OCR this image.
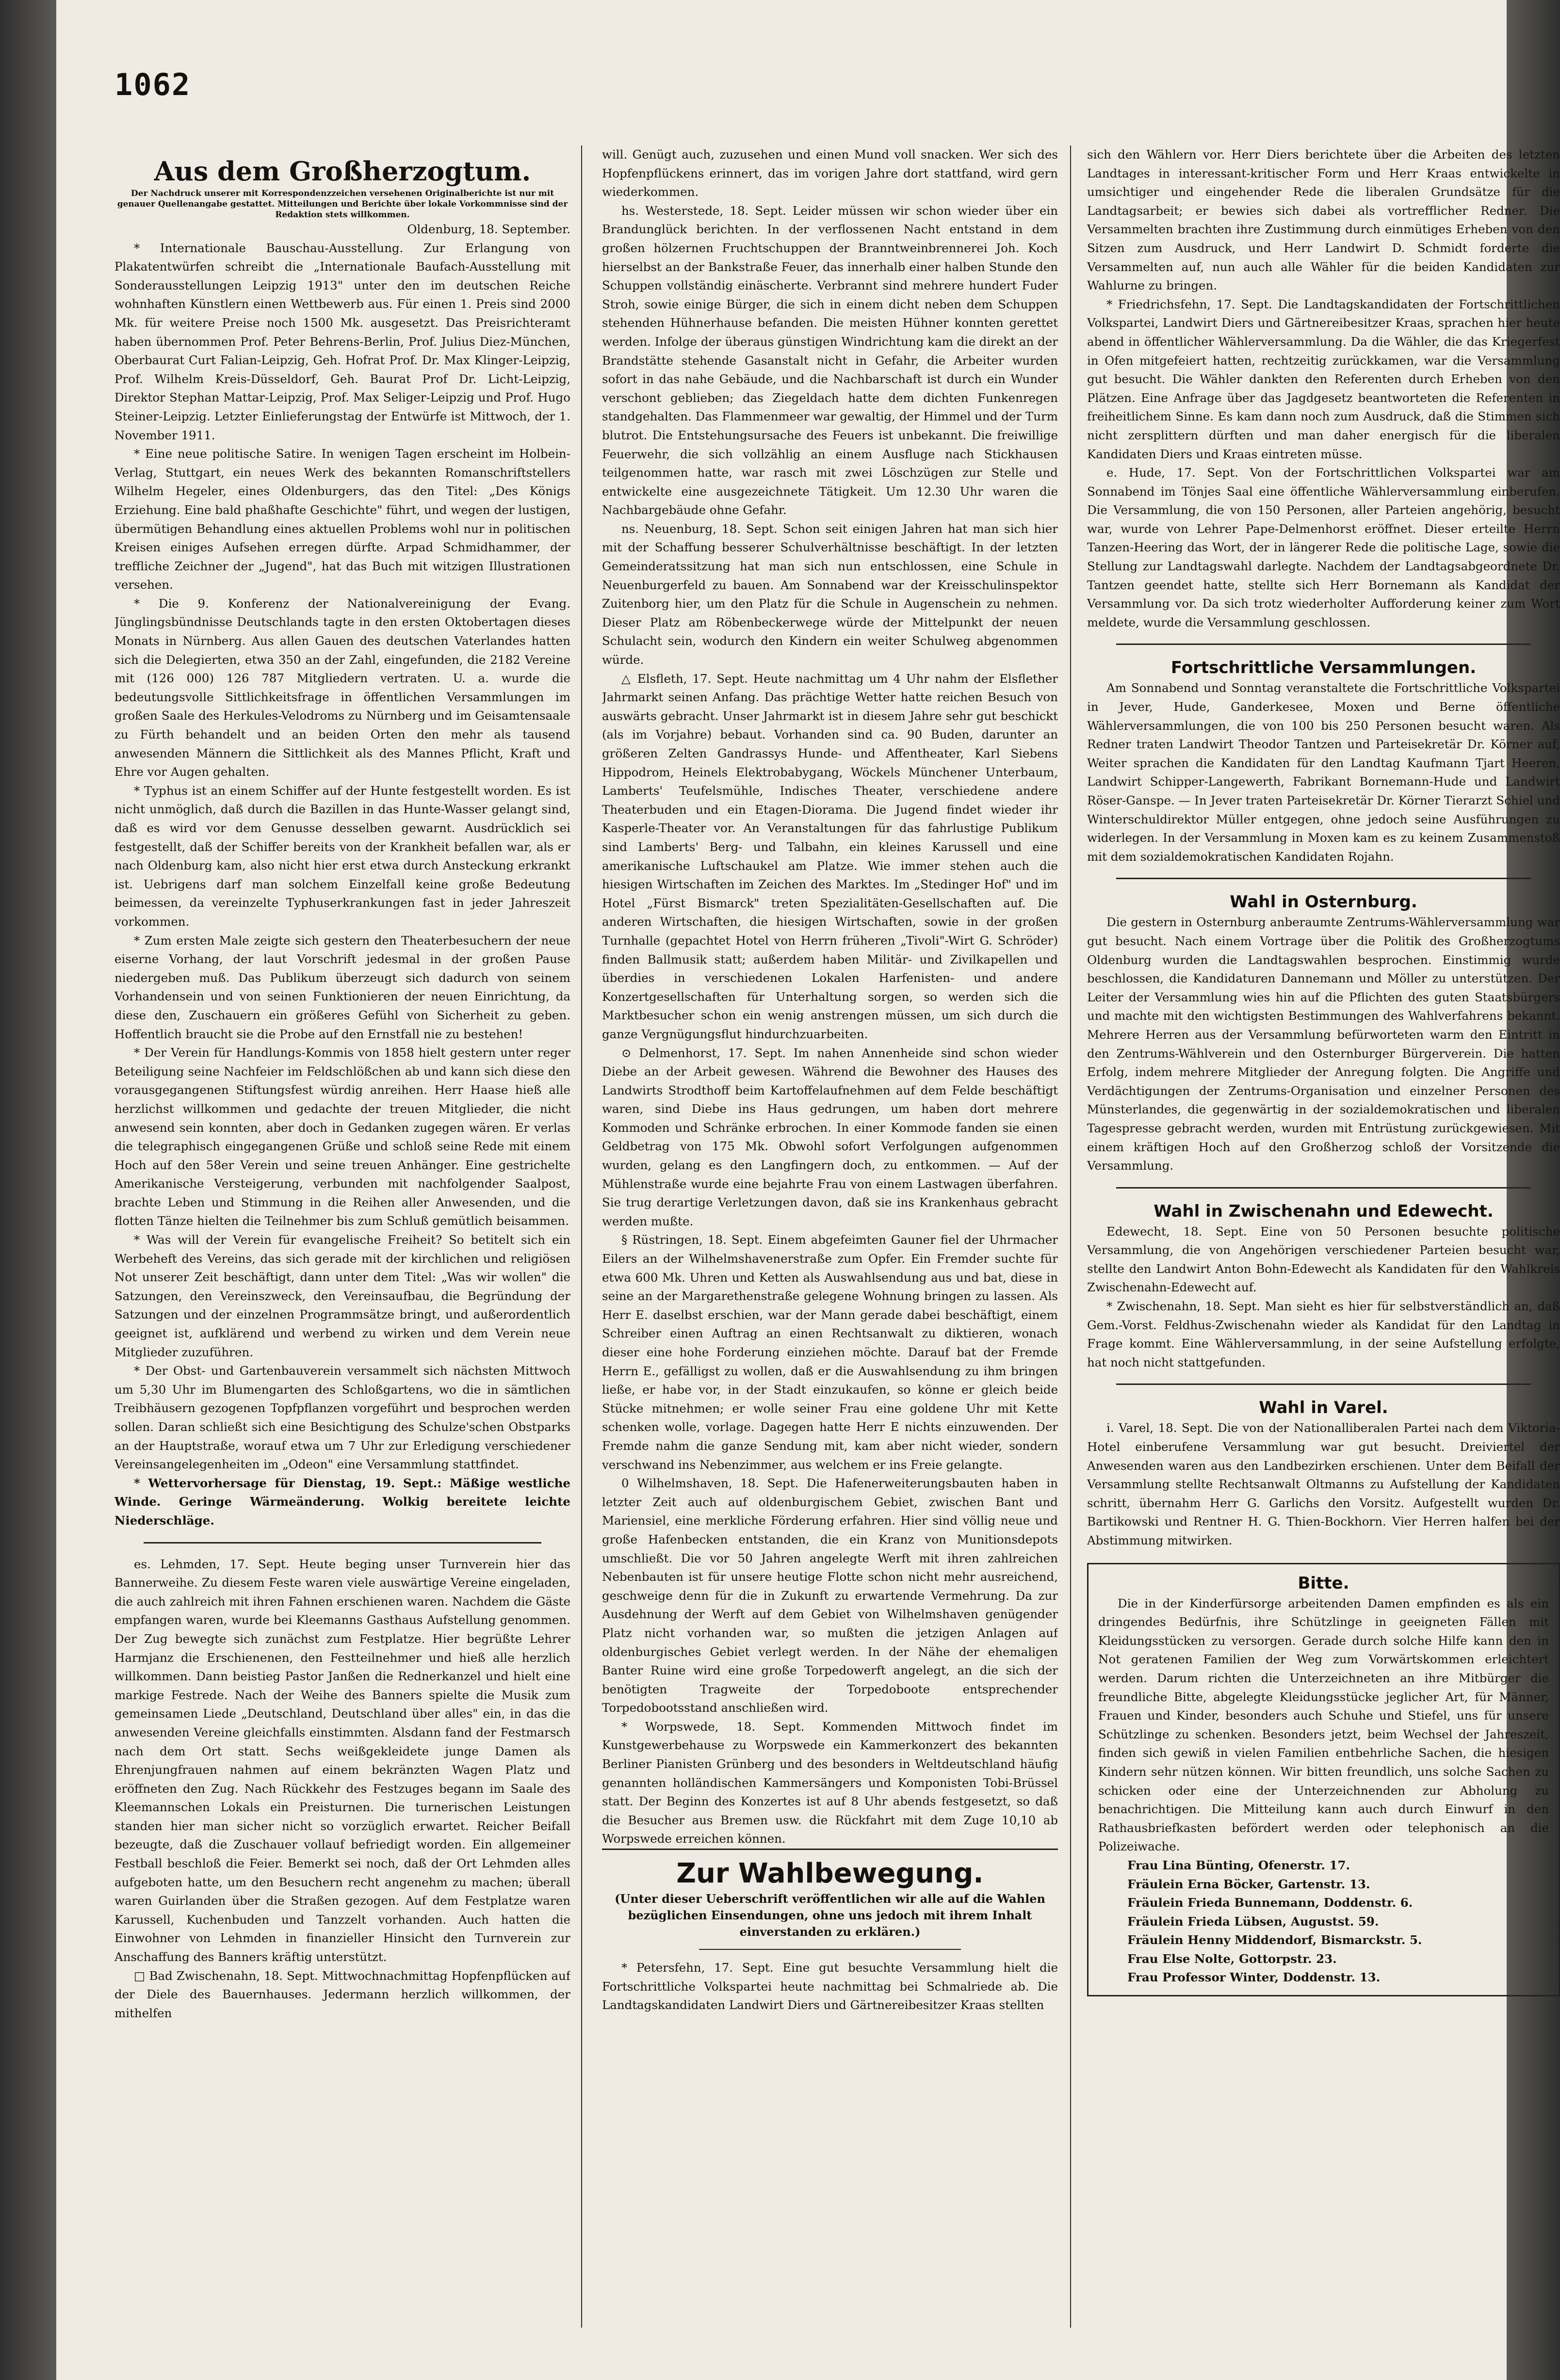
1062

Aus dem Großherzogtum.

Der Nachdruck unserer mit Korrespondenzzeichen versehenen Originalberichte ist nur mit genauer Quellenangabe gestattet. Mitteilungen und Berichte über lokale Vorkommnisse sind der Redaktion stets willkommen.

Oldenburg, 18. September.

* Internationale Bauschau-Ausstellung. Zur Erlangung von Plakatentwürfen schreibt die „Internationale Baufach-Ausstellung mit Sonderausstellungen Leipzig 1913" unter den im deutschen Reiche wohnhaften Künstlern einen Wettbewerb aus. Für einen 1. Preis sind 2000 Mk. für weitere Preise noch 1500 Mk. ausgesetzt. Das Preisrichteramt haben übernommen Prof. Peter Behrens-Berlin, Prof. Julius Diez-München, Oberbaurat Curt Falian-Leipzig, Geh. Hofrat Prof. Dr. Max Klinger-Leipzig, Prof. Wilhelm Kreis-Düsseldorf, Geh. Baurat Prof Dr. Licht-Leipzig, Direktor Stephan Mattar-Leipzig, Prof. Max Seliger-Leipzig und Prof. Hugo Steiner-Leipzig. Letzter Einlieferungstag der Entwürfe ist Mittwoch, der 1. November 1911.

* Eine neue politische Satire. In wenigen Tagen erscheint im Holbein-Verlag, Stuttgart, ein neues Werk des bekannten Romanschriftstellers Wilhelm Hegeler, eines Oldenburgers, das den Titel: „Des Königs Erziehung. Eine bald phaßhafte Geschichte" führt, und wegen der lustigen, übermütigen Behandlung eines aktuellen Problems wohl nur in politischen Kreisen einiges Aufsehen erregen dürfte. Arpad Schmidhammer, der treffliche Zeichner der „Jugend", hat das Buch mit witzigen Illustrationen versehen.

* Die 9. Konferenz der Nationalvereinigung der Evang. Jünglingsbündnisse Deutschlands tagte in den ersten Oktobertagen dieses Monats in Nürnberg. Aus allen Gauen des deutschen Vaterlandes hatten sich die Delegierten, etwa 350 an der Zahl, eingefunden, die 2182 Vereine mit (126 000) 126 787 Mitgliedern vertraten. U. a. wurde die bedeutungsvolle Sittlichkeitsfrage in öffentlichen Versammlungen im großen Saale des Herkules-Velodroms zu Nürnberg und im Geisamtensaale zu Fürth behandelt und an beiden Orten den mehr als tausend anwesenden Männern die Sittlichkeit als des Mannes Pflicht, Kraft und Ehre vor Augen gehalten.

* Typhus ist an einem Schiffer auf der Hunte festgestellt worden. Es ist nicht unmöglich, daß durch die Bazillen in das Hunte-Wasser gelangt sind, daß es wird vor dem Genusse desselben gewarnt. Ausdrücklich sei festgestellt, daß der Schiffer bereits von der Krankheit befallen war, als er nach Oldenburg kam, also nicht hier erst etwa durch Ansteckung erkrankt ist. Uebrigens darf man solchem Einzelfall keine große Bedeutung beimessen, da vereinzelte Typhuserkrankungen fast in jeder Jahreszeit vorkommen.

* Zum ersten Male zeigte sich gestern den Theaterbesuchern der neue eiserne Vorhang, der laut Vorschrift jedesmal in der großen Pause niedergeben muß. Das Publikum überzeugt sich dadurch von seinem Vorhandensein und von seinen Funktionieren der neuen Einrichtung, da diese den, Zuschauern ein größeres Gefühl von Sicherheit zu geben. Hoffentlich braucht sie die Probe auf den Ernstfall nie zu bestehen!

* Der Verein für Handlungs-Kommis von 1858 hielt gestern unter reger Beteiligung seine Nachfeier im Feldschlößchen ab und kann sich diese den vorausgegangenen Stiftungsfest würdig anreihen. Herr Haase hieß alle herzlichst willkommen und gedachte der treuen Mitglieder, die nicht anwesend sein konnten, aber doch in Gedanken zugegen wären. Er verlas die telegraphisch eingegangenen Grüße und schloß seine Rede mit einem Hoch auf den 58er Verein und seine treuen Anhänger. Eine gestrichelte Amerikanische Versteigerung, verbunden mit nachfolgender Saalpost, brachte Leben und Stimmung in die Reihen aller Anwesenden, und die flotten Tänze hielten die Teilnehmer bis zum Schluß gemütlich beisammen.

* Was will der Verein für evangelische Freiheit? So betitelt sich ein Werbeheft des Vereins, das sich gerade mit der kirchlichen und religiösen Not unserer Zeit beschäftigt, dann unter dem Titel: „Was wir wollen" die Satzungen, den Vereinszweck, den Vereinsaufbau, die Begründung der Satzungen und der einzelnen Programmsätze bringt, und außerordentlich geeignet ist, aufklärend und werbend zu wirken und dem Verein neue Mitglieder zuzuführen.

* Der Obst- und Gartenbauverein versammelt sich nächsten Mittwoch um 5,30 Uhr im Blumengarten des Schloßgartens, wo die in sämtlichen Treibhäusern gezogenen Topfpflanzen vorgeführt und besprochen werden sollen. Daran schließt sich eine Besichtigung des Schulze'schen Obstparks an der Hauptstraße, worauf etwa um 7 Uhr zur Erledigung verschiedener Vereinsangelegenheiten im „Odeon" eine Versammlung stattfindet.

* Wettervorhersage für Dienstag, 19. Sept.: Mäßige westliche Winde. Geringe Wärmeänderung. Wolkig bereitete leichte Niederschläge.

es. Lehmden, 17. Sept. Heute beging unser Turnverein hier das Bannerweihe. Zu diesem Feste waren viele auswärtige Vereine eingeladen, die auch zahlreich mit ihren Fahnen erschienen waren. Nachdem die Gäste empfangen waren, wurde bei Kleemanns Gasthaus Aufstellung genommen. Der Zug bewegte sich zunächst zum Festplatze. Hier begrüßte Lehrer Harmjanz die Erschienenen, den Festteilnehmer und hieß alle herzlich willkommen. Dann beistieg Pastor Janßen die Rednerkanzel und hielt eine markige Festrede. Nach der Weihe des Banners spielte die Musik zum gemeinsamen Liede „Deutschland, Deutschland über alles" ein, in das die anwesenden Vereine gleichfalls einstimmten. Alsdann fand der Festmarsch nach dem Ort statt. Sechs weißgekleidete junge Damen als Ehrenjungfrauen nahmen auf einem bekränzten Wagen Platz und eröffneten den Zug. Nach Rückkehr des Festzuges begann im Saale des Kleemannschen Lokals ein Preisturnen. Die turnerischen Leistungen standen hier man sicher nicht so vorzüglich erwartet. Reicher Beifall bezeugte, daß die Zuschauer vollauf befriedigt worden. Ein allgemeiner Festball beschloß die Feier. Bemerkt sei noch, daß der Ort Lehmden alles aufgeboten hatte, um den Besuchern recht angenehm zu machen; überall waren Guirlanden über die Straßen gezogen. Auf dem Festplatze waren Karussell, Kuchenbuden und Tanzzelt vorhanden. Auch hatten die Einwohner von Lehmden in finanzieller Hinsicht den Turnverein zur Anschaffung des Banners kräftig unterstützt.

□ Bad Zwischenahn, 18. Sept. Mittwochnachmittag Hopfenpflücken auf der Diele des Bauernhauses. Jedermann herzlich willkommen, der mithelfen

will. Genügt auch, zuzusehen und einen Mund voll snacken. Wer sich des Hopfenpflückens erinnert, das im vorigen Jahre dort stattfand, wird gern wiederkommen.

hs. Westerstede, 18. Sept. Leider müssen wir schon wieder über ein Brandunglück berichten. In der verflossenen Nacht entstand in dem großen hölzernen Fruchtschuppen der Branntweinbrennerei Joh. Koch hierselbst an der Bankstraße Feuer, das innerhalb einer halben Stunde den Schuppen vollständig einäscherte. Verbrannt sind mehrere hundert Fuder Stroh, sowie einige Bürger, die sich in einem dicht neben dem Schuppen stehenden Hühnerhause befanden. Die meisten Hühner konnten gerettet werden. Infolge der überaus günstigen Windrichtung kam die direkt an der Brandstätte stehende Gasanstalt nicht in Gefahr, die Arbeiter wurden sofort in das nahe Gebäude, und die Nachbarschaft ist durch ein Wunder verschont geblieben; das Ziegeldach hatte dem dichten Funkenregen standgehalten. Das Flammenmeer war gewaltig, der Himmel und der Turm blutrot. Die Entstehungsursache des Feuers ist unbekannt. Die freiwillige Feuerwehr, die sich vollzählig an einem Ausfluge nach Stickhausen teilgenommen hatte, war rasch mit zwei Löschzügen zur Stelle und entwickelte eine ausgezeichnete Tätigkeit. Um 12.30 Uhr waren die Nachbargebäude ohne Gefahr.

ns. Neuenburg, 18. Sept. Schon seit einigen Jahren hat man sich hier mit der Schaffung besserer Schulverhältnisse beschäftigt. In der letzten Gemeinderatssitzung hat man sich nun entschlossen, eine Schule in Neuenburgerfeld zu bauen. Am Sonnabend war der Kreisschulinspektor Zuitenborg hier, um den Platz für die Schule in Augenschein zu nehmen. Dieser Platz am Röbenbeckerwege würde der Mittelpunkt der neuen Schulacht sein, wodurch den Kindern ein weiter Schulweg abgenommen würde.

△ Elsfleth, 17. Sept. Heute nachmittag um 4 Uhr nahm der Elsflether Jahrmarkt seinen Anfang. Das prächtige Wetter hatte reichen Besuch von auswärts gebracht. Unser Jahrmarkt ist in diesem Jahre sehr gut beschickt (als im Vorjahre) bebaut. Vorhanden sind ca. 90 Buden, darunter an größeren Zelten Gandrassys Hunde- und Affentheater, Karl Siebens Hippodrom, Heinels Elektrobabygang, Wöckels Münchener Unterbaum, Lamberts' Teufelsmühle, Indisches Theater, verschiedene andere Theaterbuden und ein Etagen-Diorama. Die Jugend findet wieder ihr Kasperle-Theater vor. An Veranstaltungen für das fahrlustige Publikum sind Lamberts' Berg- und Talbahn, ein kleines Karussell und eine amerikanische Luftschaukel am Platze. Wie immer stehen auch die hiesigen Wirtschaften im Zeichen des Marktes. Im „Stedinger Hof" und im Hotel „Fürst Bismarck" treten Spezialitäten-Gesellschaften auf. Die anderen Wirtschaften, die hiesigen Wirtschaften, sowie in der großen Turnhalle (gepachtet Hotel von Herrn früheren „Tivoli"-Wirt G. Schröder) finden Ballmusik statt; außerdem haben Militär- und Zivilkapellen und überdies in verschiedenen Lokalen Harfenisten- und andere Konzertgesellschaften für Unterhaltung sorgen, so werden sich die Marktbesucher schon ein wenig anstrengen müssen, um sich durch die ganze Vergnügungsflut hindurchzuarbeiten.

⊙ Delmenhorst, 17. Sept. Im nahen Annenheide sind schon wieder Diebe an der Arbeit gewesen. Während die Bewohner des Hauses des Landwirts Strodthoff beim Kartoffelaufnehmen auf dem Felde beschäftigt waren, sind Diebe ins Haus gedrungen, um haben dort mehrere Kommoden und Schränke erbrochen. In einer Kommode fanden sie einen Geldbetrag von 175 Mk. Obwohl sofort Verfolgungen aufgenommen wurden, gelang es den Langfingern doch, zu entkommen. — Auf der Mühlenstraße wurde eine bejahrte Frau von einem Lastwagen überfahren. Sie trug derartige Verletzungen davon, daß sie ins Krankenhaus gebracht werden mußte.

§ Rüstringen, 18. Sept. Einem abgefeimten Gauner fiel der Uhrmacher Eilers an der Wilhelmshavenerstraße zum Opfer. Ein Fremder suchte für etwa 600 Mk. Uhren und Ketten als Auswahlsendung aus und bat, diese in seine an der Margarethenstraße gelegene Wohnung bringen zu lassen. Als Herr E. daselbst erschien, war der Mann gerade dabei beschäftigt, einem Schreiber einen Auftrag an einen Rechtsanwalt zu diktieren, wonach dieser eine hohe Forderung einziehen möchte. Darauf bat der Fremde Herrn E., gefälligst zu wollen, daß er die Auswahlsendung zu ihm bringen ließe, er habe vor, in der Stadt einzukaufen, so könne er gleich beide Stücke mitnehmen; er wolle seiner Frau eine goldene Uhr mit Kette schenken wolle, vorlage. Dagegen hatte Herr E nichts einzuwenden. Der Fremde nahm die ganze Sendung mit, kam aber nicht wieder, sondern verschwand ins Nebenzimmer, aus welchem er ins Freie gelangte.

0 Wilhelmshaven, 18. Sept. Die Hafenerweiterungsbauten haben in letzter Zeit auch auf oldenburgischem Gebiet, zwischen Bant und Mariensiel, eine merkliche Förderung erfahren. Hier sind völlig neue und große Hafenbecken entstanden, die ein Kranz von Munitionsdepots umschließt. Die vor 50 Jahren angelegte Werft mit ihren zahlreichen Nebenbauten ist für unsere heutige Flotte schon nicht mehr ausreichend, geschweige denn für die in Zukunft zu erwartende Vermehrung. Da zur Ausdehnung der Werft auf dem Gebiet von Wilhelmshaven genügender Platz nicht vorhanden war, so mußten die jetzigen Anlagen auf oldenburgisches Gebiet verlegt werden. In der Nähe der ehemaligen Banter Ruine wird eine große Torpedowerft angelegt, an die sich der benötigten Tragweite der Torpedoboote entsprechender Torpedobootsstand anschließen wird.

* Worpswede, 18. Sept. Kommenden Mittwoch findet im Kunstgewerbehause zu Worpswede ein Kammerkonzert des bekannten Berliner Pianisten Grünberg und des besonders in Weltdeutschland häufig genannten holländischen Kammersängers und Komponisten Tobi-Brüssel statt. Der Beginn des Konzertes ist auf 8 Uhr abends festgesetzt, so daß die Besucher aus Bremen usw. die Rückfahrt mit dem Zuge 10,10 ab Worpswede erreichen können.

Zur Wahlbewegung.

(Unter dieser Ueberschrift veröffentlichen wir alle auf die Wahlen bezüglichen Einsendungen, ohne uns jedoch mit ihrem Inhalt einverstanden zu erklären.)

* Petersfehn, 17. Sept. Eine gut besuchte Versammlung hielt die Fortschrittliche Volkspartei heute nachmittag bei Schmalriede ab. Die Landtagskandidaten Landwirt Diers und Gärtnereibesitzer Kraas stellten

sich den Wählern vor. Herr Diers berichtete über die Arbeiten des letzten Landtages in interessant-kritischer Form und Herr Kraas entwickelte in umsichtiger und eingehender Rede die liberalen Grundsätze für die Landtagsarbeit; er bewies sich dabei als vortrefflicher Redner. Die Versammelten brachten ihre Zustimmung durch einmütiges Erheben von den Sitzen zum Ausdruck, und Herr Landwirt D. Schmidt forderte die Versammelten auf, nun auch alle Wähler für die beiden Kandidaten zur Wahlurne zu bringen.

* Friedrichsfehn, 17. Sept. Die Landtagskandidaten der Fortschrittlichen Volkspartei, Landwirt Diers und Gärtnereibesitzer Kraas, sprachen hier heute abend in öffentlicher Wählerversammlung. Da die Wähler, die das Kriegerfest in Ofen mitgefeiert hatten, rechtzeitig zurückkamen, war die Versammlung gut besucht. Die Wähler dankten den Referenten durch Erheben von den Plätzen. Eine Anfrage über das Jagdgesetz beantworteten die Referenten in freiheitlichem Sinne. Es kam dann noch zum Ausdruck, daß die Stimmen sich nicht zersplittern dürften und man daher energisch für die liberalen Kandidaten Diers und Kraas eintreten müsse.

e. Hude, 17. Sept. Von der Fortschrittlichen Volkspartei war am Sonnabend im Tönjes Saal eine öffentliche Wählerversammlung einberufen. Die Versammlung, die von 150 Personen, aller Parteien angehörig, besucht war, wurde von Lehrer Pape-Delmenhorst eröffnet. Dieser erteilte Herrn Tanzen-Heering das Wort, der in längerer Rede die politische Lage, sowie die Stellung zur Landtagswahl darlegte. Nachdem der Landtagsabgeordnete Dr. Tantzen geendet hatte, stellte sich Herr Bornemann als Kandidat der Versammlung vor. Da sich trotz wiederholter Aufforderung keiner zum Wort meldete, wurde die Versammlung geschlossen.

Fortschrittliche Versammlungen.

Am Sonnabend und Sonntag veranstaltete die Fortschrittliche Volkspartei in Jever, Hude, Ganderkesee, Moxen und Berne öffentliche Wählerversammlungen, die von 100 bis 250 Personen besucht waren. Als Redner traten Landwirt Theodor Tantzen und Parteisekretär Dr. Körner auf, Weiter sprachen die Kandidaten für den Landtag Kaufmann Tjart Heeren, Landwirt Schipper-Langewerth, Fabrikant Bornemann-Hude und Landwirt Röser-Ganspe. — In Jever traten Parteisekretär Dr. Körner Tierarzt Schiel und Winterschuldirektor Müller entgegen, ohne jedoch seine Ausführungen zu widerlegen. In der Versammlung in Moxen kam es zu keinem Zusammenstoß mit dem sozialdemokratischen Kandidaten Rojahn.

Wahl in Osternburg.

Die gestern in Osternburg anberaumte Zentrums-Wählerversammlung war gut besucht. Nach einem Vortrage über die Politik des Großherzogtums Oldenburg wurden die Landtagswahlen besprochen. Einstimmig wurde beschlossen, die Kandidaturen Dannemann und Möller zu unterstützen. Der Leiter der Versammlung wies hin auf die Pflichten des guten Staatsbürgers und machte mit den wichtigsten Bestimmungen des Wahlverfahrens bekannt. Mehrere Herren aus der Versammlung befürworteten warm den Eintritt in den Zentrums-Wählverein und den Osternburger Bürgerverein. Die hatten Erfolg, indem mehrere Mitglieder der Anregung folgten. Die Angriffe und Verdächtigungen der Zentrums-Organisation und einzelner Personen des Münsterlandes, die gegenwärtig in der sozialdemokratischen und liberalen Tagespresse gebracht werden, wurden mit Entrüstung zurückgewiesen. Mit einem kräftigen Hoch auf den Großherzog schloß der Vorsitzende die Versammlung.

Wahl in Zwischenahn und Edewecht.

Edewecht, 18. Sept. Eine von 50 Personen besuchte politische Versammlung, die von Angehörigen verschiedener Parteien besucht war, stellte den Landwirt Anton Bohn-Edewecht als Kandidaten für den Wahlkreis Zwischenahn-Edewecht auf.

* Zwischenahn, 18. Sept. Man sieht es hier für selbstverständlich an, daß Gem.-Vorst. Feldhus-Zwischenahn wieder als Kandidat für den Landtag in Frage kommt. Eine Wählerversammlung, in der seine Aufstellung erfolgte, hat noch nicht stattgefunden.

Wahl in Varel.

i. Varel, 18. Sept. Die von der Nationalliberalen Partei nach dem Viktoria-Hotel einberufene Versammlung war gut besucht. Dreiviertel der Anwesenden waren aus den Landbezirken erschienen. Unter dem Beifall der Versammlung stellte Rechtsanwalt Oltmanns zu Aufstellung der Kandidaten schritt, übernahm Herr G. Garlichs den Vorsitz. Aufgestellt wurden Dr. Bartikowski und Rentner H. G. Thien-Bockhorn. Vier Herren halfen bei der Abstimmung mitwirken.

Bitte.

Die in der Kinderfürsorge arbeitenden Damen empfinden es als ein dringendes Bedürfnis, ihre Schützlinge in geeigneten Fällen mit Kleidungsstücken zu versorgen. Gerade durch solche Hilfe kann den in Not geratenen Familien der Weg zum Vorwärtskommen erleichtert werden. Darum richten die Unterzeichneten an ihre Mitbürger die freundliche Bitte, abgelegte Kleidungsstücke jeglicher Art, für Männer, Frauen und Kinder, besonders auch Schuhe und Stiefel, uns für unsere Schützlinge zu schenken. Besonders jetzt, beim Wechsel der Jahreszeit, finden sich gewiß in vielen Familien entbehrliche Sachen, die hiesigen Kindern sehr nützen können. Wir bitten freundlich, uns solche Sachen zu schicken oder eine der Unterzeichnenden zur Abholung zu benachrichtigen. Die Mitteilung kann auch durch Einwurf in den Rathausbriefkasten befördert werden oder telephonisch an die Polizeiwache.

Frau Lina Bünting, Ofenerstr. 17.

Fräulein Erna Böcker, Gartenstr. 13.

Fräulein Frieda Bunnemann, Doddenstr. 6.

Fräulein Frieda Lübsen, Augustst. 59.

Fräulein Henny Middendorf, Bismarckstr. 5.

Frau Else Nolte, Gottorpstr. 23.

Frau Professor Winter, Doddenstr. 13.
